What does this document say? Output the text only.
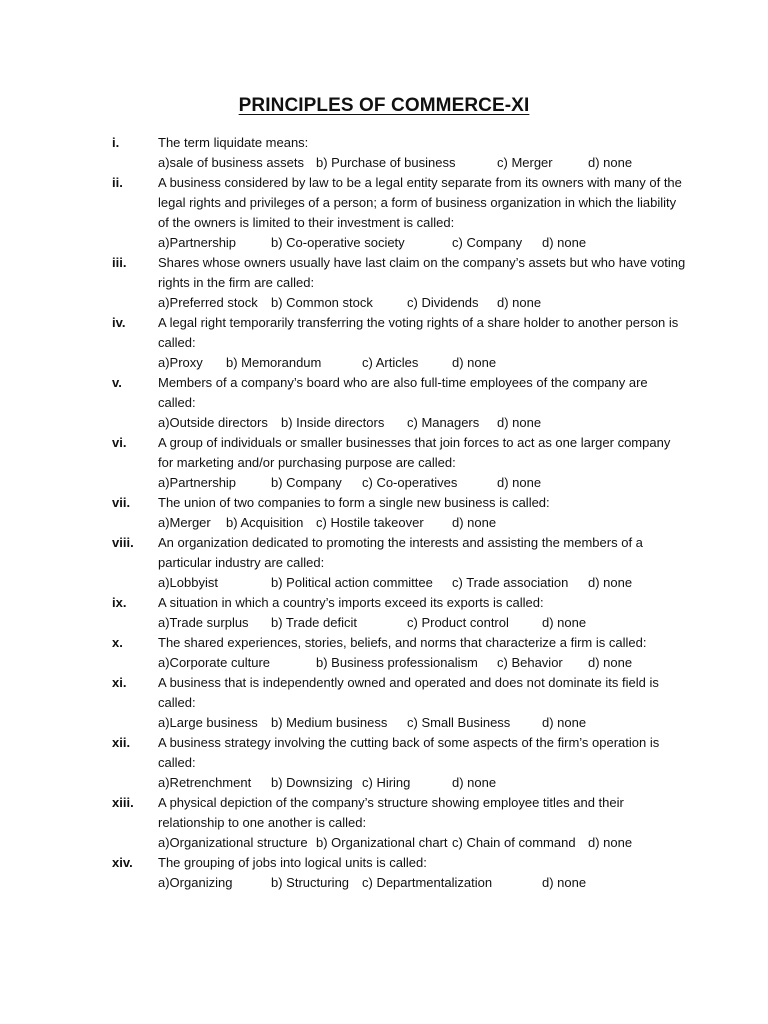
PRINCIPLES OF COMMERCE-XI
i.	The term liquidate means:
a)sale of business assets b) Purchase of business	c) Merger	d) none
ii.	A business considered by law to be a legal entity separate from its owners with many of the legal rights and privileges of a person; a form of business organization in which the liability of the owners is limited to their investment is called:
a)Partnership	b) Co-operative society	c) Company d) none
iii. Shares whose owners usually have last claim on the company’s assets but who have voting rights in the firm are called:
a)Preferred stock b) Common stock	c) Dividends d) none
iv.	A legal right temporarily transferring the voting rights of a share holder to another person is called:
a)Proxy b) Memorandum	c) Articles	d) none
v.	Members of a company’s board who are also full-time employees of the company are called:
a)Outside directors b) Inside directors c) Managers d) none
vi. A group of individuals or smaller businesses that join forces to act as one larger company for marketing and/or purchasing purpose are called:
a)Partnership	b) Company c) Co-operatives	d) none
vii. The union of two companies to form a single new business is called:
a)Merger b) Acquisition c) Hostile takeover d) none
viii. An organization dedicated to promoting the interests and assisting the members of a particular industry are called:
a)Lobbyist	b) Political action committee c) Trade association d) none
ix. A situation in which a country’s imports exceed its exports is called:
a)Trade surplus b) Trade deficit	c) Product control	d) none
x.	The shared experiences, stories, beliefs, and norms that characterize a firm is called:
a)Corporate culture	b) Business professionalism c) Behavior d) none
xi. A business that is independently owned and operated and does not dominate its field is called:
a)Large business b) Medium business c) Small Business d) none
xii. A business strategy involving the cutting back of some aspects of the firm’s operation is called:
a)Retrenchment b) Downsizing c) Hiring	d) none
xiii. A physical depiction of the company’s structure showing employee titles and their relationship to one another is called:
a)Organizational structure b) Organizational chart c) Chain of command d) none
xiv. The grouping of jobs into logical units is called:
a)Organizing	b) Structuring c) Departmentalization	d) none
